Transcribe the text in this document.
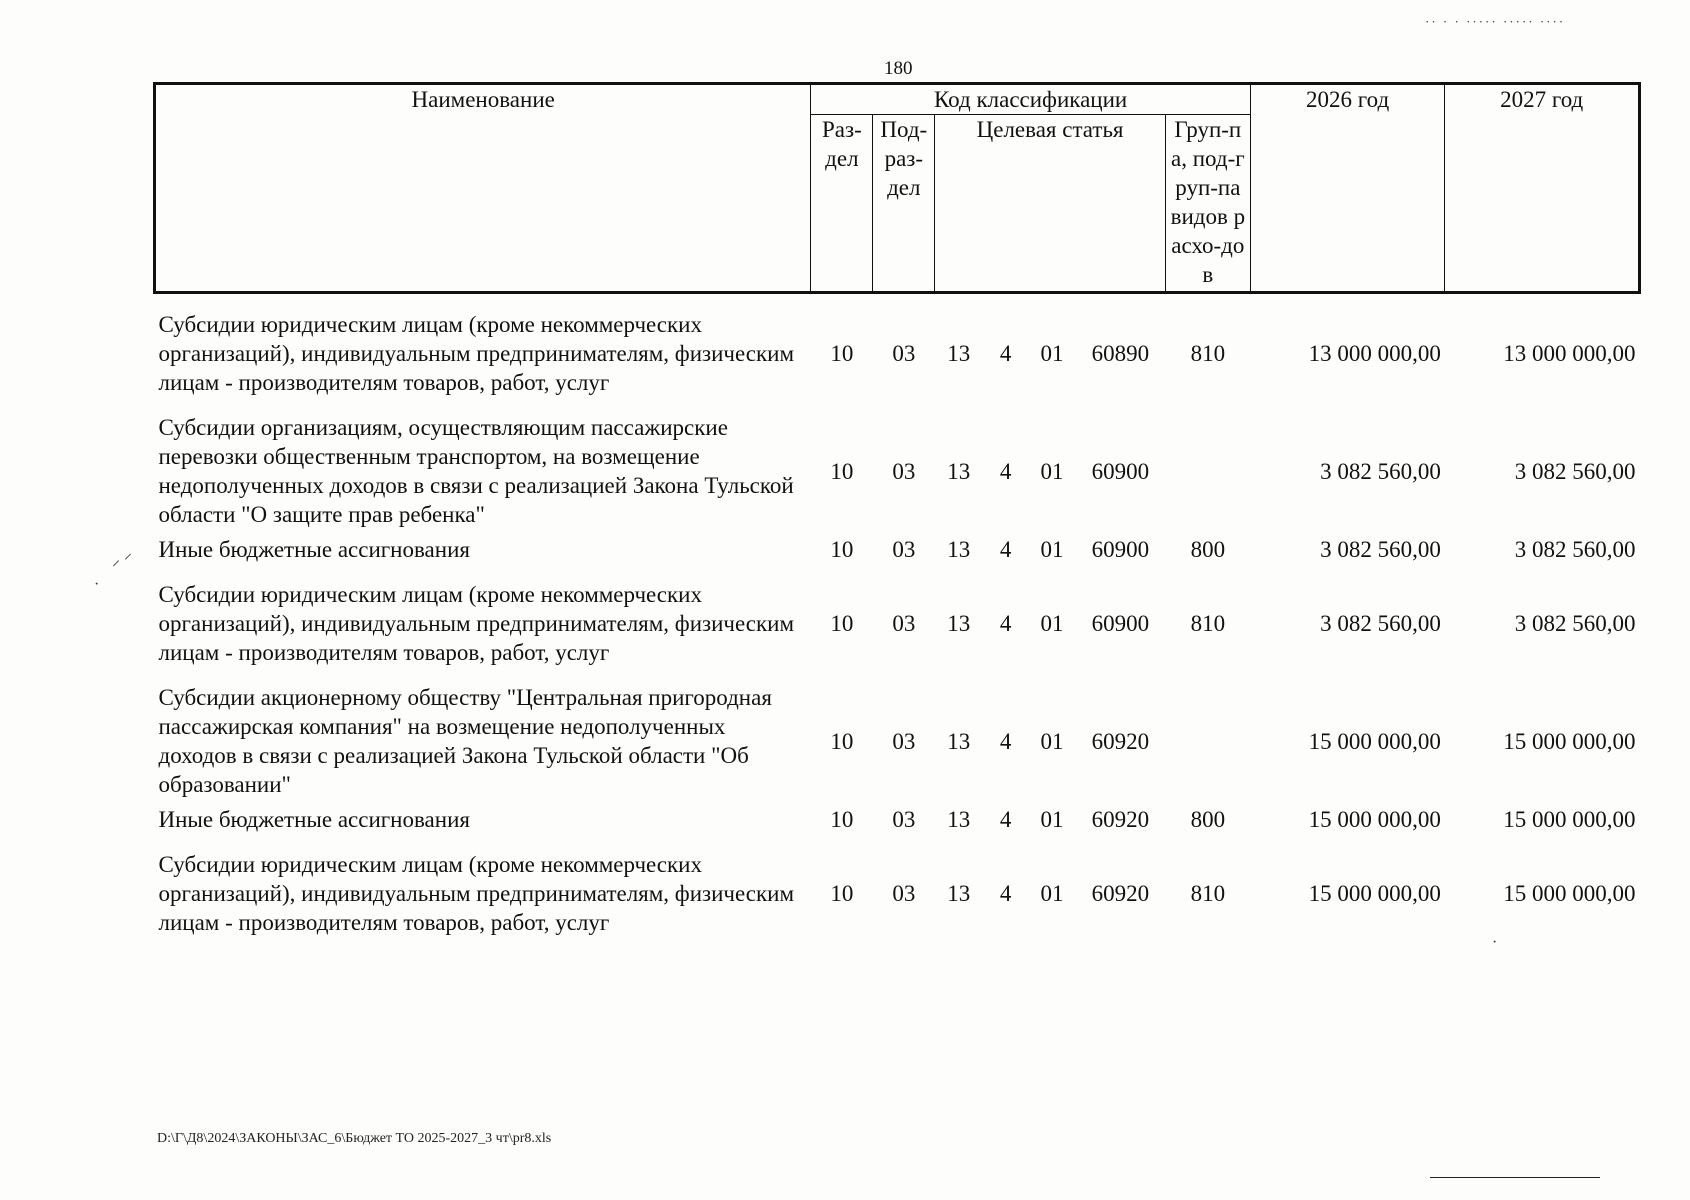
·· · · ····· ····· ····
180
Наименование	Код классификации							2026 год	2027 год
	Раз-дел	Под-раз-дел	Целевая статья				Груп-па, под-груп-па видов расхо-дов		

Субсидии юридическим лицам (кроме некоммерческих организаций), индивидуальным предпринимателям, физическим лицам - производителям товаров, работ, услуг	10	03	13	4	01	60890	810	13 000 000,00	13 000 000,00

Субсидии организациям, осуществляющим пассажирские перевозки общественным транспортом, на возмещение недополученных доходов в связи с реализацией Закона Тульской области "О защите прав ребенка"	10	03	13	4	01	60900		3 082 560,00	3 082 560,00

Иные бюджетные ассигнования	10	03	13	4	01	60900	800	3 082 560,00	3 082 560,00

Субсидии юридическим лицам (кроме некоммерческих организаций), индивидуальным предпринимателям, физическим лицам - производителям товаров, работ, услуг	10	03	13	4	01	60900	810	3 082 560,00	3 082 560,00

Субсидии акционерному обществу "Центральная пригородная пассажирская компания" на возмещение недополученных доходов в связи с реализацией Закона Тульской области "Об образовании"	10	03	13	4	01	60920		15 000 000,00	15 000 000,00

Иные бюджетные ассигнования	10	03	13	4	01	60920	800	15 000 000,00	15 000 000,00

Субсидии юридическим лицам (кроме некоммерческих организаций), индивидуальным предпринимателям, физическим лицам - производителям товаров, работ, услуг	10	03	13	4	01	60920	810	15 000 000,00	15 000 000,00
⸝ ⸍
·
·
D:\Г\Д8\2024\ЗАКОНЫ\ЗАС_6\Бюджет ТО 2025-2027_3 чт\pr8.xls
